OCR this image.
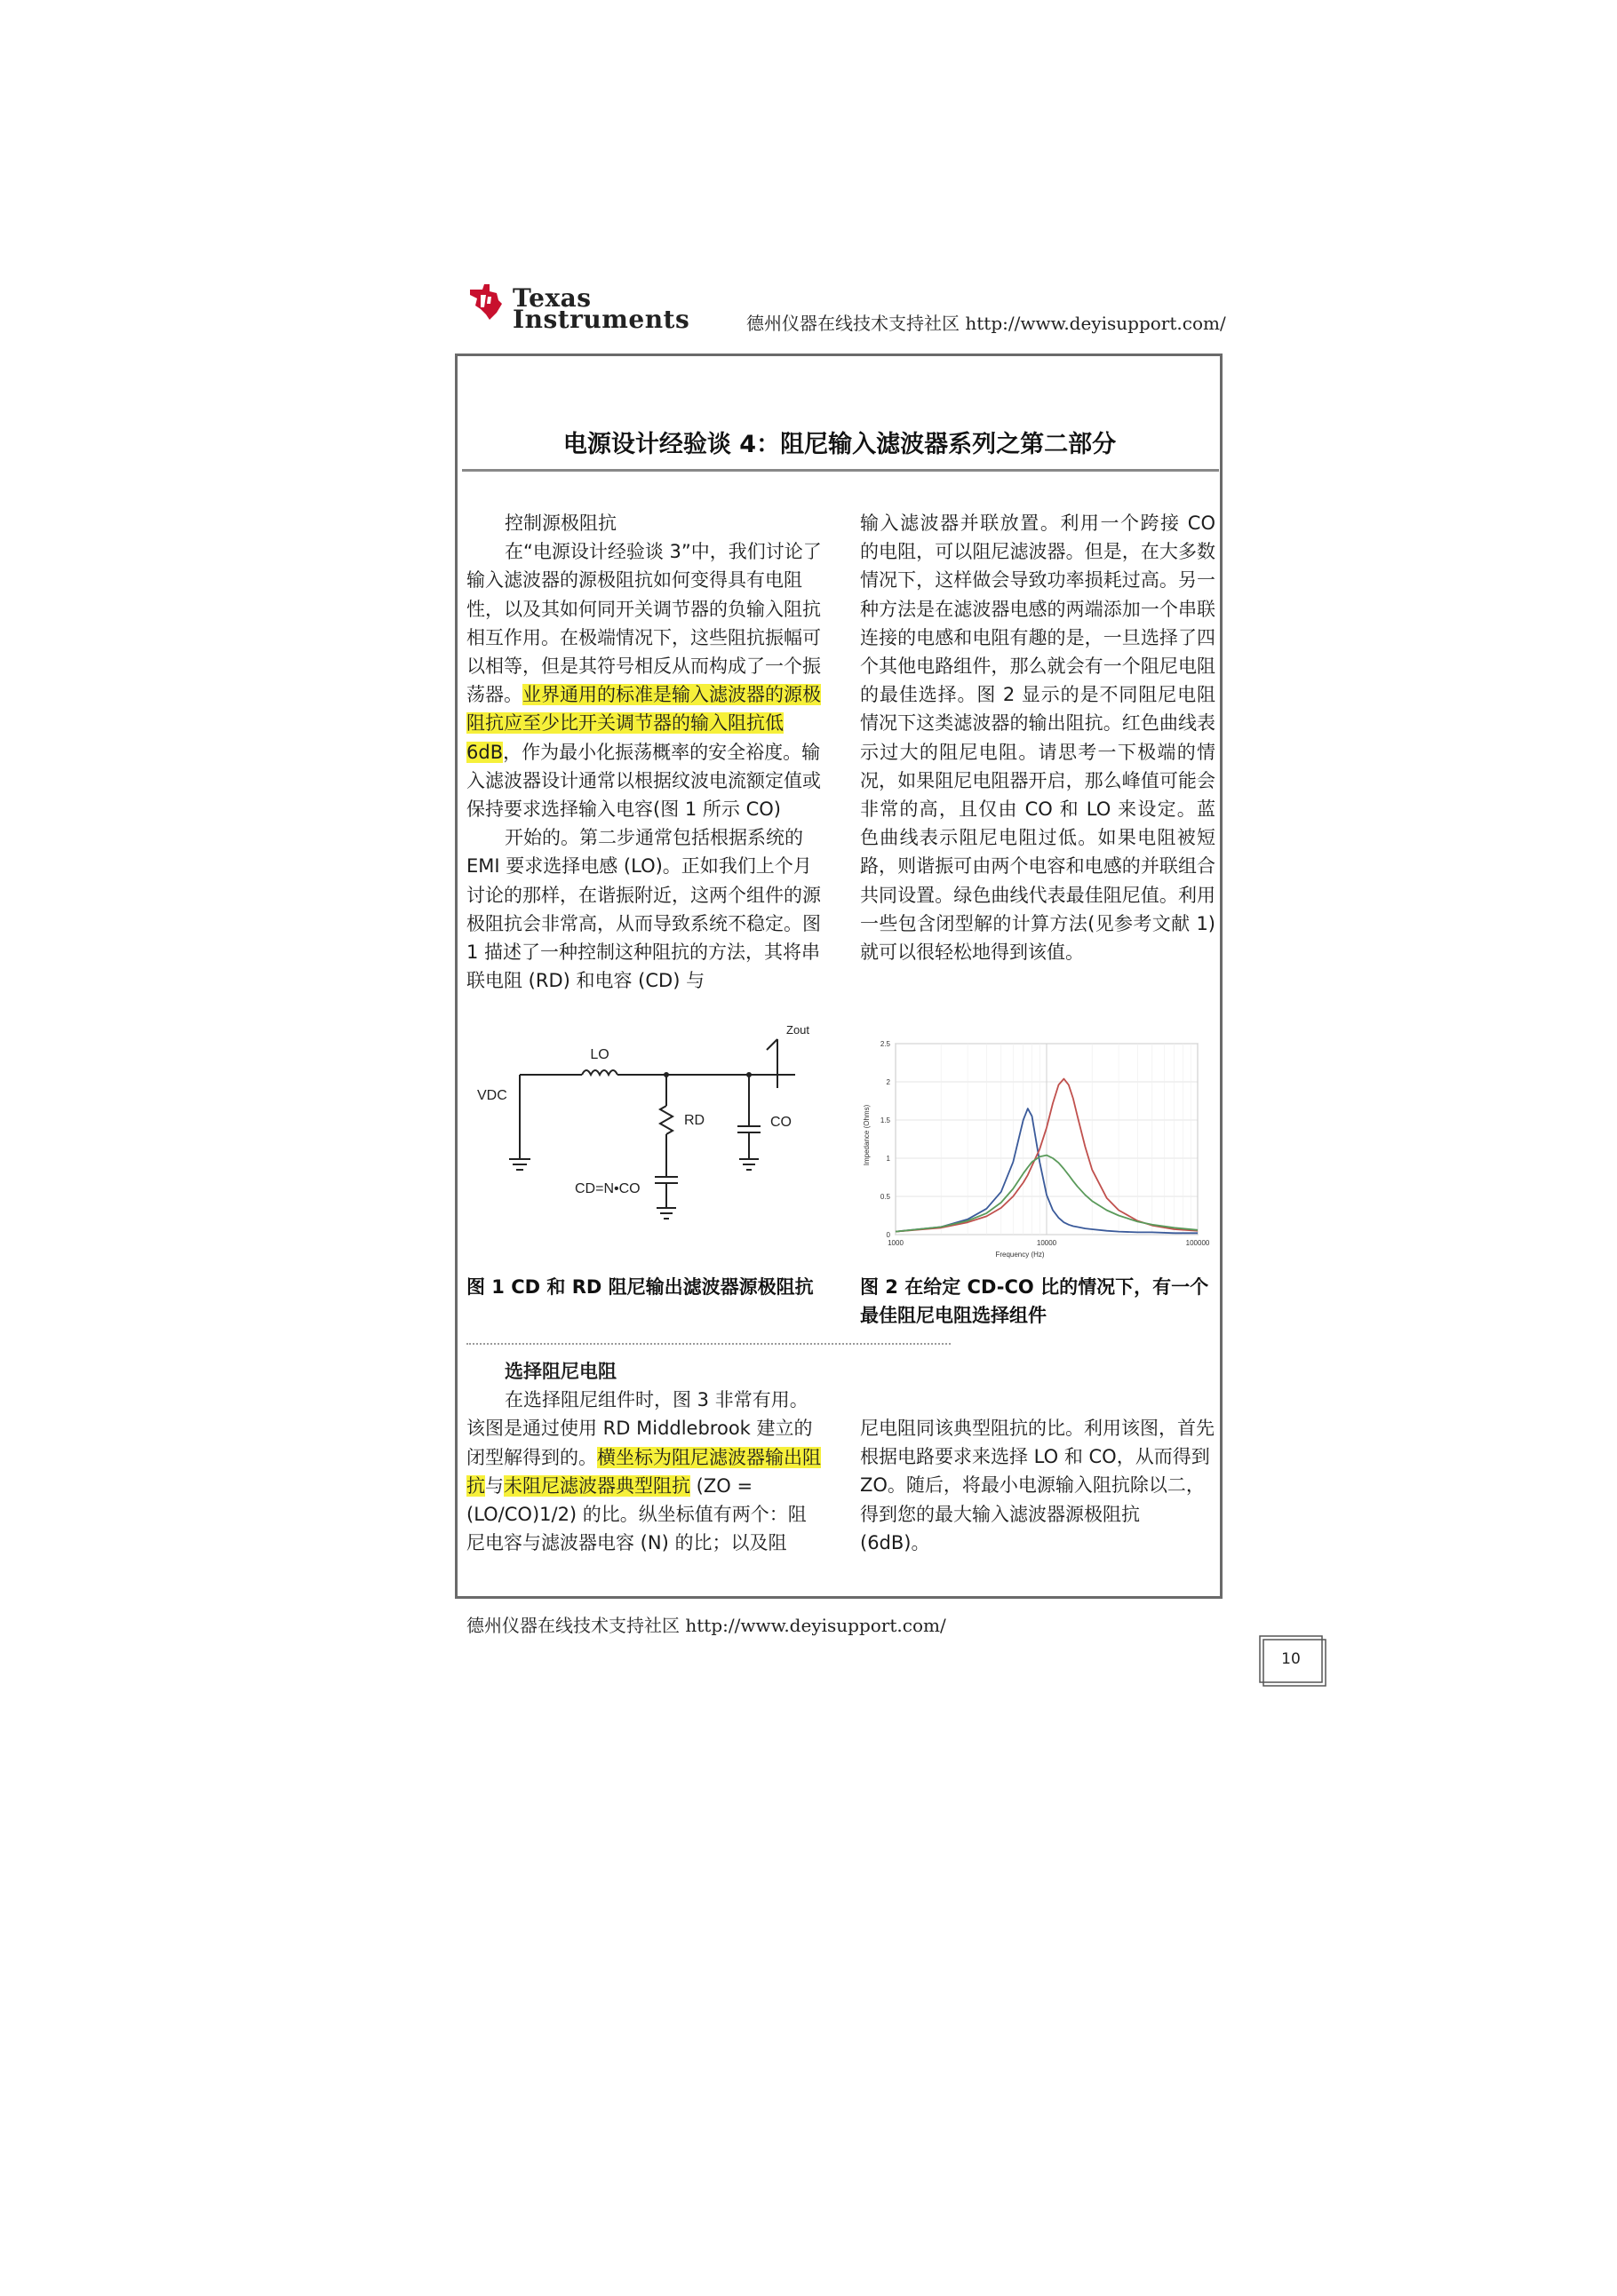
Texas
Instruments	德州仪器在线技术支持社区 http://www.deyisupport.com/
电源设计经验谈 4：阻尼输入滤波器系列之第二部分

控制源极阻抗

在“电源设计经验谈 3”中，我们讨论了输入滤波器的源极阻抗如何变得具有电阻性，以及其如何同开关调节器的负输入阻抗相互作用。在极端情况下，这些阻抗振幅可以相等，但是其符号相反从而构成了一个振荡器。业界通用的标准是输入滤波器的源极阻抗应至少比开关调节器的输入阻抗低 6dB，作为最小化振荡概率的安全裕度。输入滤波器设计通常以根据纹波电流额定值或保持要求选择输入电容(图 1 所示 CO)

开始的。第二步通常包括根据系统的 EMI 要求选择电感 (LO)。正如我们上个月讨论的那样，在谐振附近，这两个组件的源极阻抗会非常高，从而导致系统不稳定。图 1 描述了一种控制这种阻抗的方法，其将串联电阻 (RD) 和电容 (CD) 与

输入滤波器并联放置。利用一个跨接 CO 的电阻，可以阻尼滤波器。但是，在大多数情况下，这样做会导致功率损耗过高。另一种方法是在滤波器电感的两端添加一个串联连接的电感和电阻有趣的是，一旦选择了四个其他电路组件，那么就会有一个阻尼电阻的最佳选择。图 2 显示的是不同阻尼电阻情况下这类滤波器的输出阻抗。红色曲线表示过大的阻尼电阻。请思考一下极端的情况，如果阻尼电阻器开启，那么峰值可能会非常的高，且仅由 CO 和 LO 来设定。蓝色曲线表示阻尼电阻过低。如果电阻被短路，则谐振可由两个电容和电感的并联组合共同设置。绿色曲线代表最佳阻尼值。利用一些包含闭型解的计算方法(见参考文献 1)就可以很轻松地得到该值。

LO
VDC
RD	CO
CD=N•CO
Zout
0
0.5
1
1.5
2
2.5
1000	10000	100000
Frequency (Hz)
Impedance (Ohms)
图 1 CD 和 RD 阻尼输出滤波器源极阻抗	图 2 在给定 CD-CO 比的情况下，有一个最佳阻尼电阻选择组件

选择阻尼电阻

在选择阻尼组件时，图 3 非常有用。该图是通过使用 RD Middlebrook 建立的闭型解得到的。横坐标为阻尼滤波器输出阻抗与未阻尼滤波器典型阻抗 (ZO = (LO/CO)1/2) 的比。纵坐标值有两个：阻

尼电容与滤波器电容 (N) 的比；以及阻

尼电阻同该典型阻抗的比。利用该图，首先根据电路要求来选择 LO 和 CO，从而得到 ZO。随后，将最小电源输入阻抗除以二，得到您的最大输入滤波器源极阻抗 (6dB)。

德州仪器在线技术支持社区 http://www.deyisupport.com/
10
